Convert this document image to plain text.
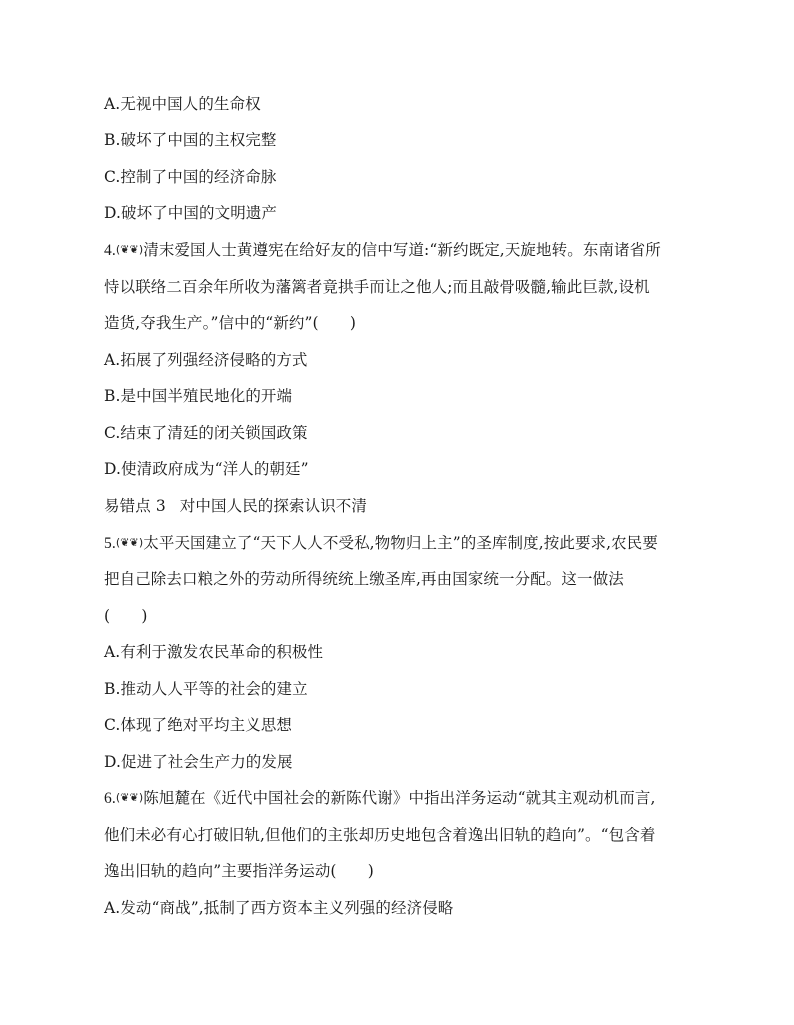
A.无视中国人的生命权
B.破坏了中国的主权完整
C.控制了中国的经济命脉
D.破坏了中国的文明遗产
4.(❦❦)清末爱国人士黄遵宪在给好友的信中写道:“新约既定,天旋地转。东南诸省所
恃以联络二百余年所收为藩篱者竟拱手而让之他人;而且敲骨吸髓,输此巨款,设机
造货,夺我生产。”信中的“新约”(　　)
A.拓展了列强经济侵略的方式
B.是中国半殖民地化的开端
C.结束了清廷的闭关锁国政策
D.使清政府成为“洋人的朝廷”
易错点 3 对中国人民的探索认识不清
5.(❦❦)太平天国建立了“天下人人不受私,物物归上主”的圣库制度,按此要求,农民要
把自己除去口粮之外的劳动所得统统上缴圣库,再由国家统一分配。这一做法
(　　)
A.有利于激发农民革命的积极性
B.推动人人平等的社会的建立
C.体现了绝对平均主义思想
D.促进了社会生产力的发展
6.(❦❦)陈旭麓在《近代中国社会的新陈代谢》中指出洋务运动“就其主观动机而言,
他们未必有心打破旧轨,但他们的主张却历史地包含着逸出旧轨的趋向”。“包含着
逸出旧轨的趋向”主要指洋务运动(　　)
A.发动“商战”,抵制了西方资本主义列强的经济侵略
